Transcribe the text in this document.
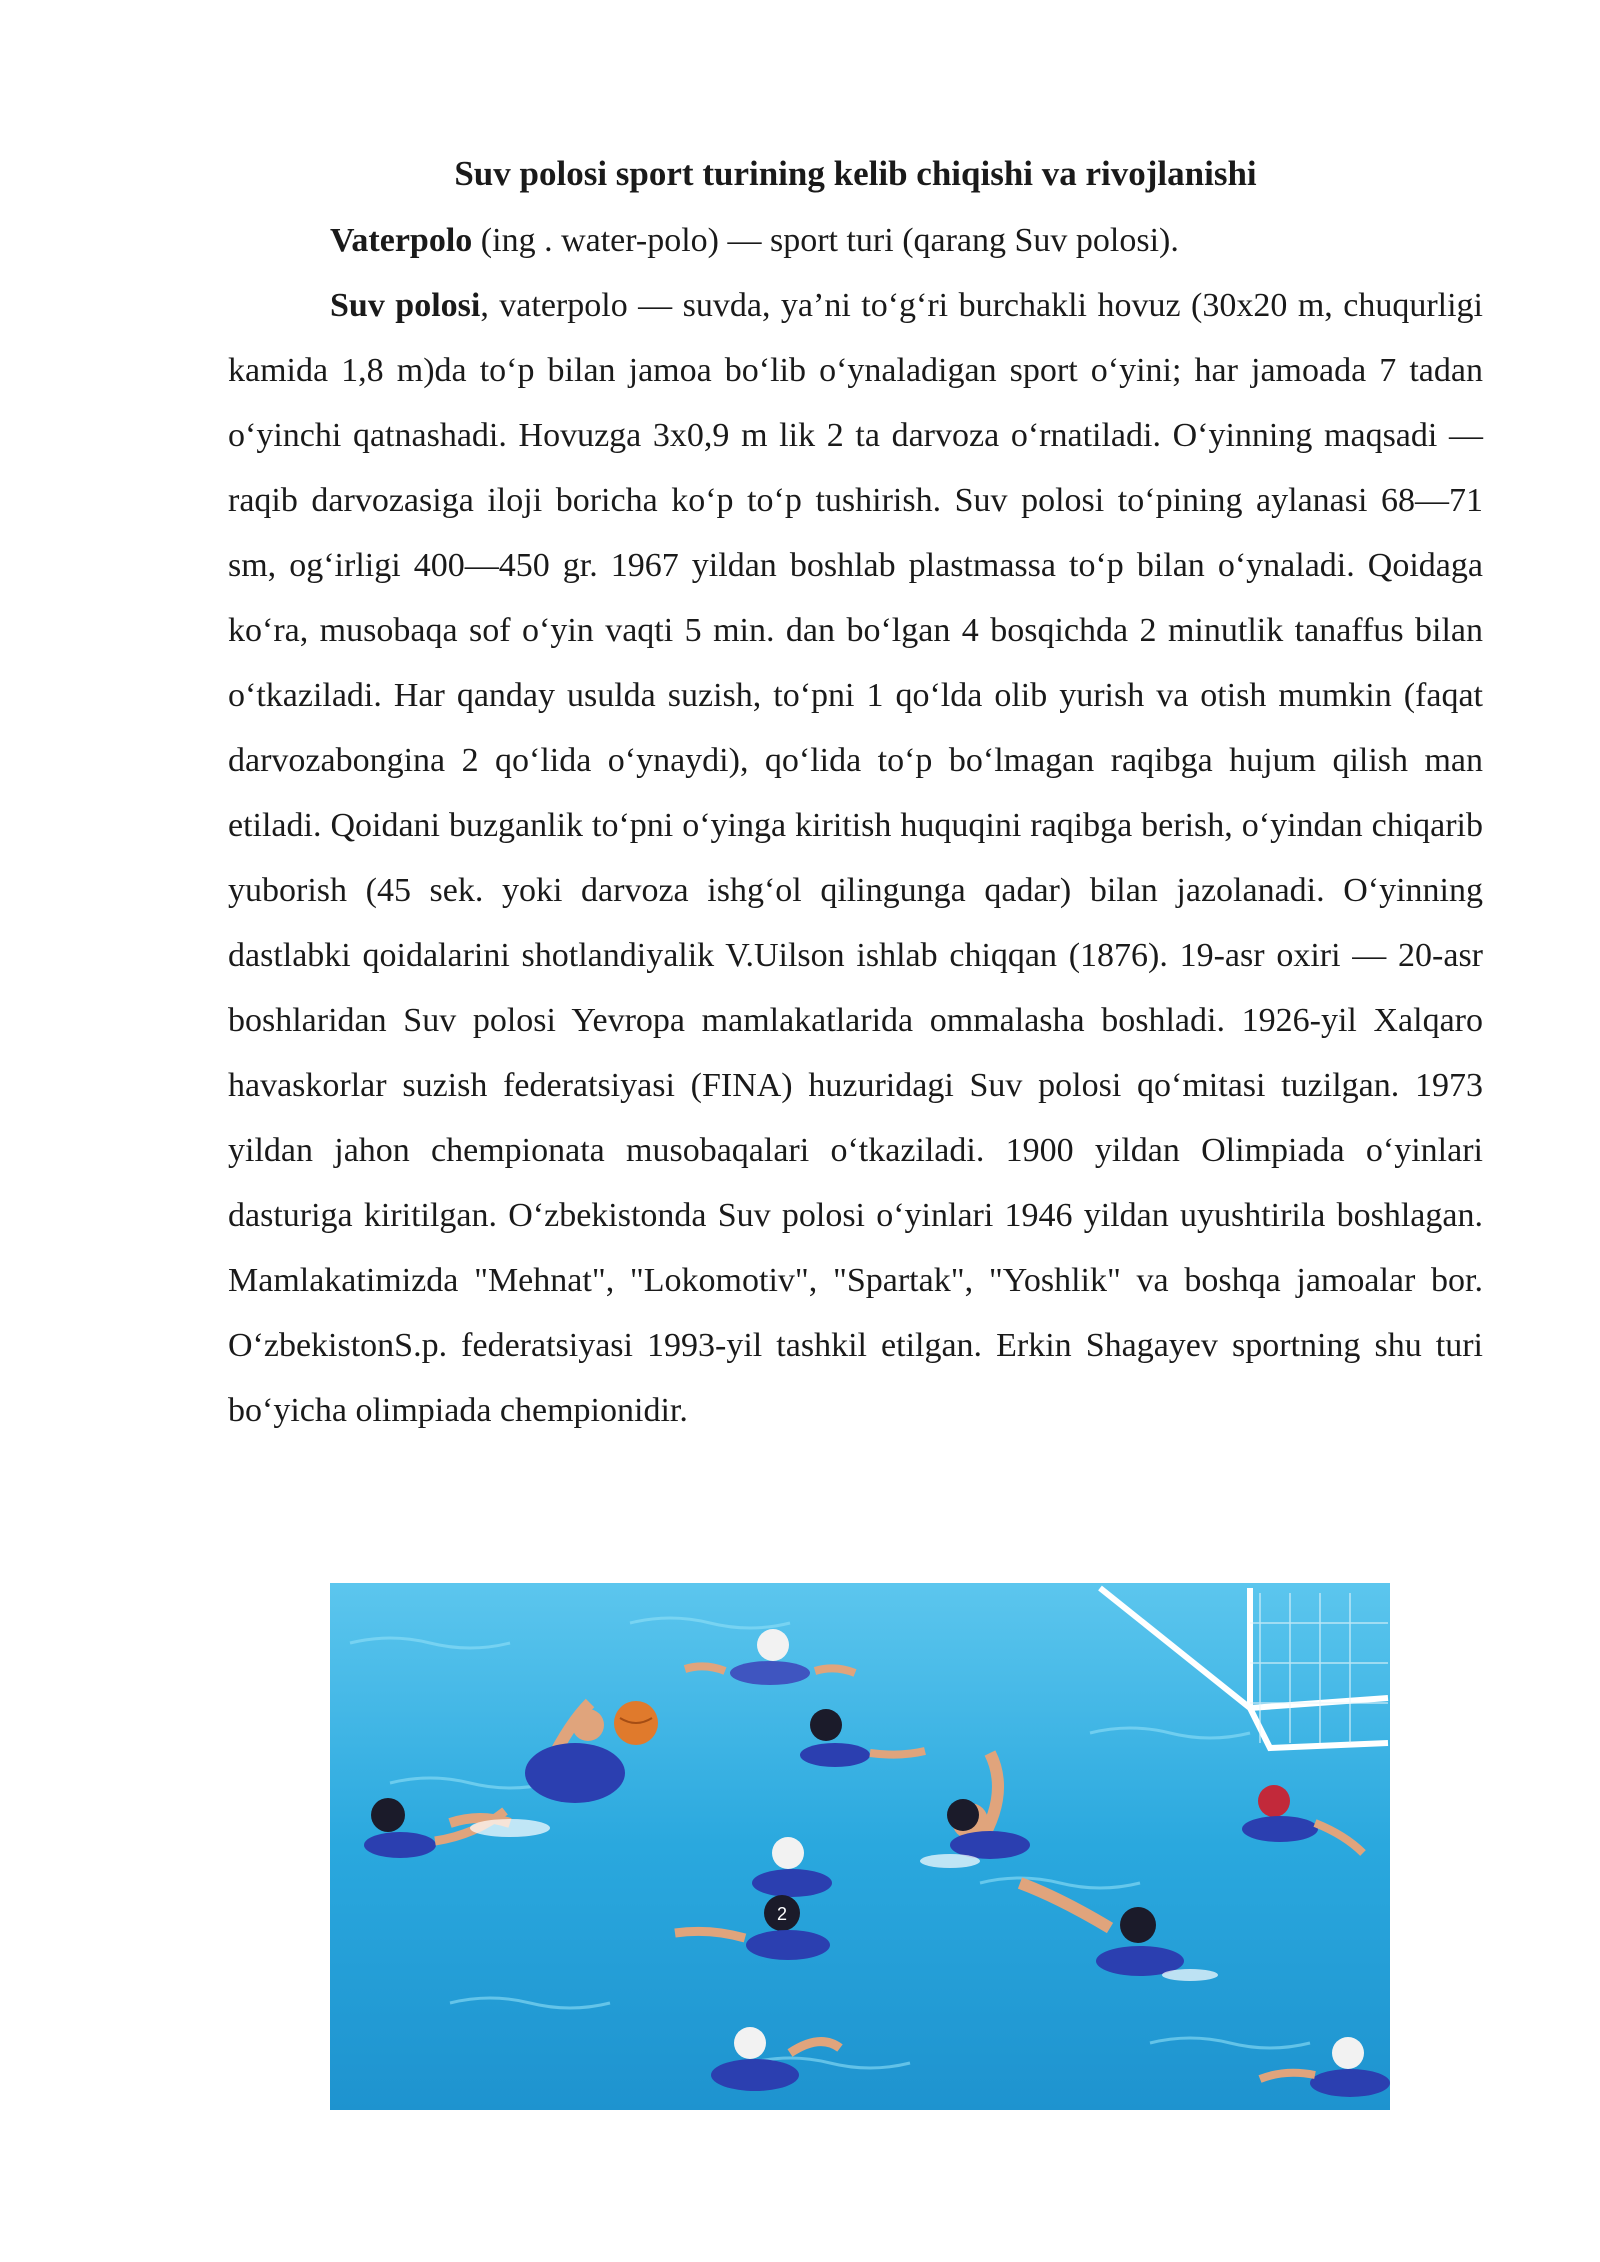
Suv polosi sport turining kelib chiqishi va rivojlanishi

Vaterpolo (ing . water-polo) — sport turi (qarang Suv polosi).

Suv polosi, vaterpolo — suvda, ya’ni to‘g‘ri burchakli hovuz (30x20 m, chuqurligi kamida 1,8 m)da to‘p bilan jamoa bo‘lib o‘ynaladigan sport o‘yini; har jamoada 7 tadan o‘yinchi qatnashadi. Hovuzga 3x0,9 m lik 2 ta darvoza o‘rnatiladi. O‘yinning maqsadi — raqib darvozasiga iloji boricha ko‘p to‘p tushirish. Suv polosi to‘pining aylanasi 68—71 sm, og‘irligi 400—450 gr. 1967 yildan boshlab plastmassa to‘p bilan o‘ynaladi. Qoidaga ko‘ra, musobaqa sof o‘yin vaqti 5 min. dan bo‘lgan 4 bosqichda 2 minutlik tanaffus bilan o‘tkaziladi. Har qanday usulda suzish, to‘pni 1 qo‘lda olib yurish va otish mumkin (faqat darvozabongina 2 qo‘lida o‘ynaydi), qo‘lida to‘p bo‘lmagan raqibga hujum qilish man etiladi. Qoidani buzganlik to‘pni o‘yinga kiritish huquqini raqibga berish, o‘yindan chiqarib yuborish (45 sek. yoki darvoza ishg‘ol qilingunga qadar) bilan jazolanadi. O‘yinning dastlabki qoidalarini shotlandiyalik V.Uilson ishlab chiqqan (1876). 19-asr oxiri — 20-asr boshlaridan Suv polosi Yevropa mamlakatlarida ommalasha boshladi. 1926-yil Xalqaro havaskorlar suzish federatsiyasi (FINA) huzuridagi Suv polosi qo‘mitasi tuzilgan. 1973 yildan jahon chempionata musobaqalari o‘tkaziladi. 1900 yildan Olimpiada o‘yinlari dasturiga kiritilgan. O‘zbekistonda Suv polosi o‘yinlari 1946 yildan uyushtirila boshlagan. Mamlakatimizda "Mehnat", "Lokomotiv", "Spartak", "Yoshlik" va boshqa jamoalar bor. O‘zbekistonS.p. federatsiyasi 1993-yil tashkil etilgan. Erkin Shagayev sportning shu turi bo‘yicha olimpiada chempionidir.

2
